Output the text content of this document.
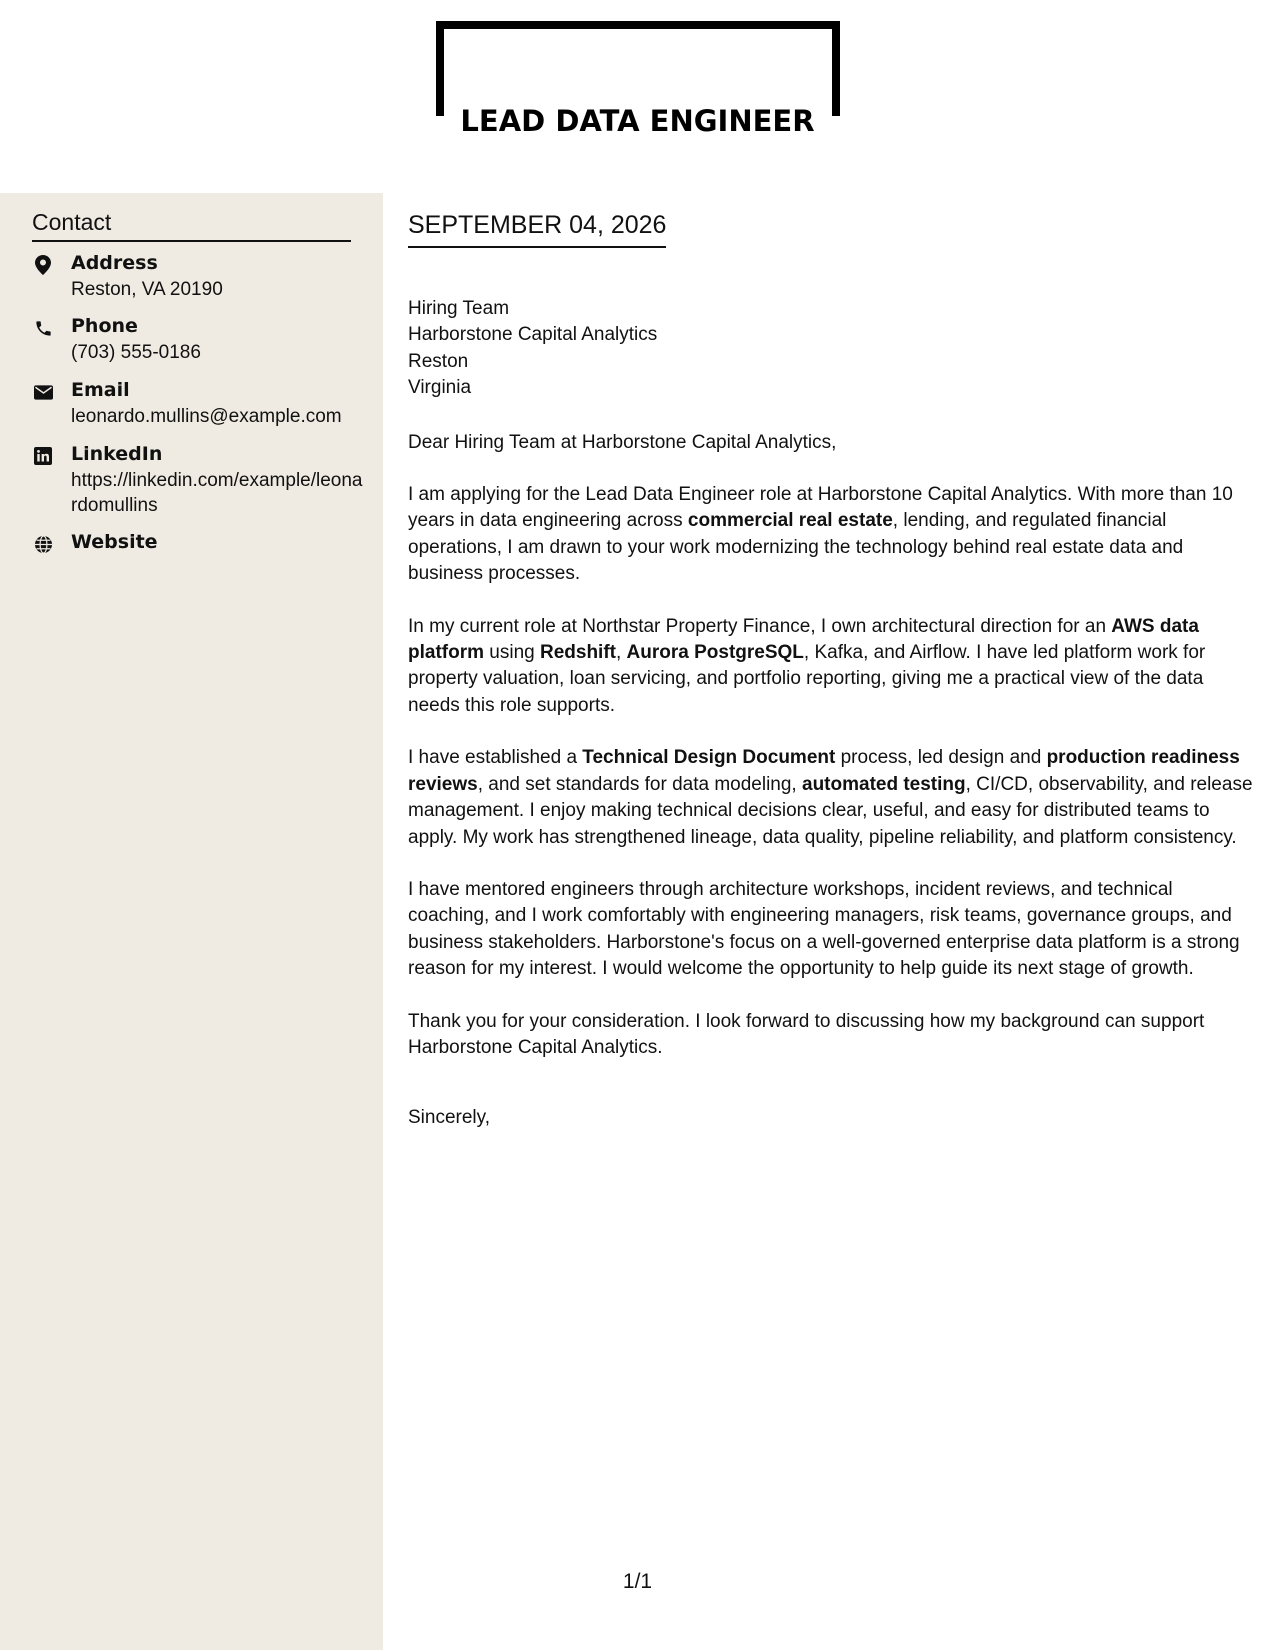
LEAD DATA ENGINEER
Contact
Address
Reston, VA 20190
Phone
(703) 555-0186
Email
leonardo.mullins@example.com
LinkedIn
https://linkedin.com/example/leonardomullins
Website
SEPTEMBER 04, 2026

Hiring Team
Harborstone Capital Analytics
Reston
Virginia

Dear Hiring Team at Harborstone Capital Analytics,

I am applying for the Lead Data Engineer role at Harborstone Capital Analytics. With more than 10 years in data engineering across commercial real estate, lending, and regulated financial operations, I am drawn to your work modernizing the technology behind real estate data and business processes.

In my current role at Northstar Property Finance, I own architectural direction for an AWS data platform using Redshift, Aurora PostgreSQL, Kafka, and Airflow. I have led platform work for property valuation, loan servicing, and portfolio reporting, giving me a practical view of the data needs this role supports.

I have established a Technical Design Document process, led design and production readiness reviews, and set standards for data modeling, automated testing, CI/CD, observability, and release management. I enjoy making technical decisions clear, useful, and easy for distributed teams to apply. My work has strengthened lineage, data quality, pipeline reliability, and platform consistency.

I have mentored engineers through architecture workshops, incident reviews, and technical coaching, and I work comfortably with engineering managers, risk teams, governance groups, and business stakeholders. Harborstone's focus on a well-governed enterprise data platform is a strong reason for my interest. I would welcome the opportunity to help guide its next stage of growth.

Thank you for your consideration. I look forward to discussing how my background can support Harborstone Capital Analytics.

Sincerely,

1/1
